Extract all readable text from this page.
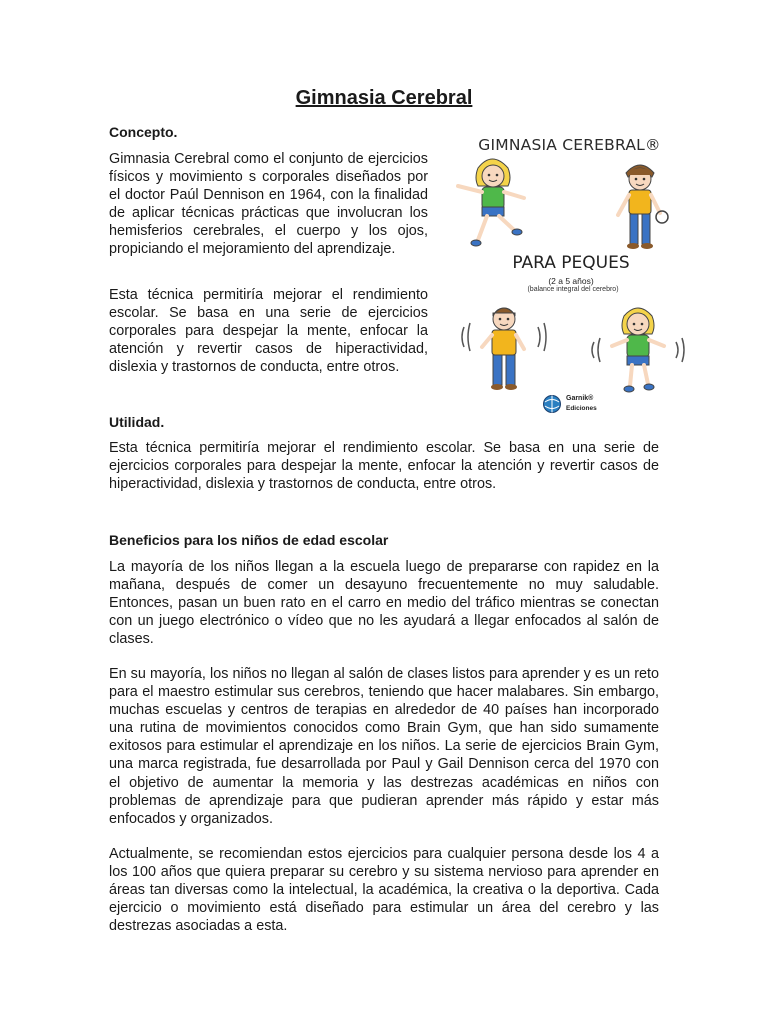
Gimnasia Cerebral
Concepto.

Gimnasia Cerebral como el conjunto de ejercicios físicos y movimiento s corporales diseñados por el doctor Paúl Dennison en 1964, con la finalidad de aplicar técnicas prácticas que involucran los hemisferios cerebrales, el cuerpo y los ojos, propiciando el mejoramiento del aprendizaje.

Esta técnica permitiría mejorar el rendimiento escolar. Se basa en una serie de ejercicios corporales para despejar la mente, enfocar la atención y revertir casos de hiperactividad, dislexia y trastornos de conducta, entre otros.

GIMNASIA CEREBRAL®
PARA PEQUES
(2 a 5 años)
(balance integral del cerebro)
Garnik®
Ediciones
Utilidad.

Esta técnica permitiría mejorar el rendimiento escolar. Se basa en una serie de ejercicios corporales para despejar la mente, enfocar la atención y revertir casos de hiperactividad, dislexia y trastornos de conducta, entre otros.

Beneficios para los niños de edad escolar

La mayoría de los niños llegan a la escuela luego de prepararse con rapidez en la mañana, después de comer un desayuno frecuentemente no muy saludable. Entonces, pasan un buen rato en el carro en medio del tráfico mientras se conectan con un juego electrónico o vídeo que no les ayudará a llegar enfocados al salón de clases.

En su mayoría, los niños no llegan al salón de clases listos para aprender y es un reto para el maestro estimular sus cerebros, teniendo que hacer malabares. Sin embargo, muchas escuelas y centros de terapias en alrededor de 40 países han incorporado una rutina de movimientos conocidos como Brain Gym, que han sido sumamente exitosos para estimular el aprendizaje en los niños. La serie de ejercicios Brain Gym, una marca registrada, fue desarrollada por Paul y Gail Dennison cerca del 1970 con el objetivo de aumentar la memoria y las destrezas académicas en niños con problemas de aprendizaje para que pudieran aprender más rápido y estar más enfocados y organizados.

Actualmente, se recomiendan estos ejercicios para cualquier persona desde los 4 a los 100 años que quiera preparar su cerebro y su sistema nervioso para aprender en áreas tan diversas como la intelectual, la académica, la creativa o la deportiva. Cada ejercicio o movimiento está diseñado para estimular un área del cerebro y las destrezas asociadas a esta.
